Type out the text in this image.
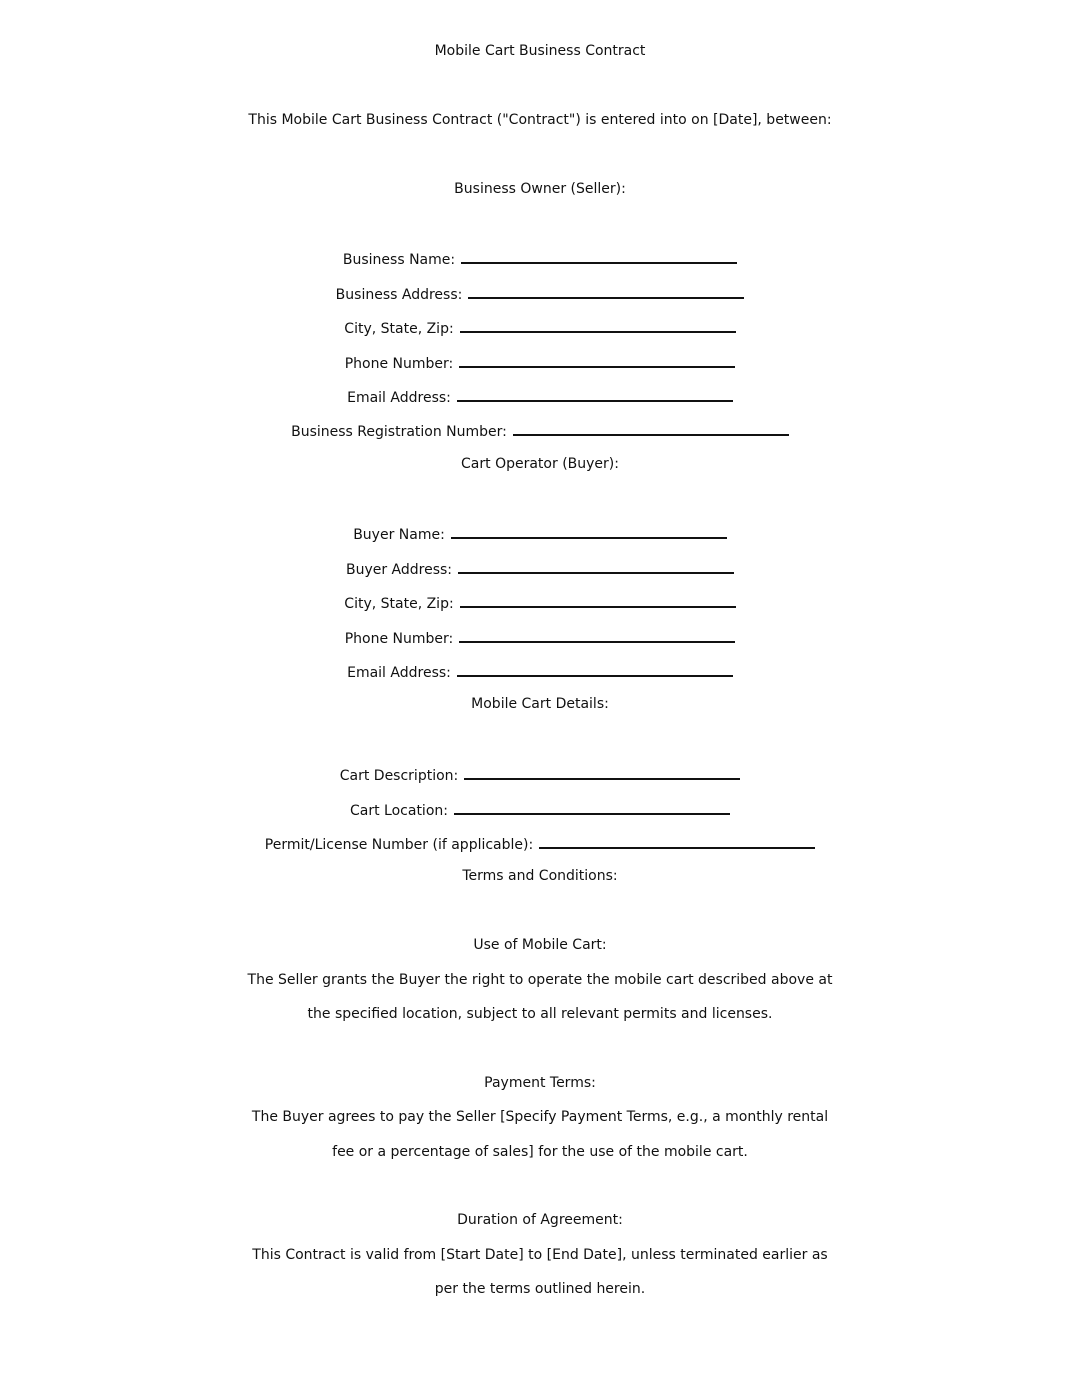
Mobile Cart Business Contract
This Mobile Cart Business Contract ("Contract") is entered into on [Date], between:
Business Owner (Seller):
Business Name:
Business Address:
City, State, Zip:
Phone Number:
Email Address:
Business Registration Number:
Cart Operator (Buyer):
Buyer Name:
Buyer Address:
City, State, Zip:
Phone Number:
Email Address:
Mobile Cart Details:
Cart Description:
Cart Location:
Permit/License Number (if applicable):
Terms and Conditions:
Use of Mobile Cart:
The Seller grants the Buyer the right to operate the mobile cart described above at
the specified location, subject to all relevant permits and licenses.
Payment Terms:
The Buyer agrees to pay the Seller [Specify Payment Terms, e.g., a monthly rental
fee or a percentage of sales] for the use of the mobile cart.
Duration of Agreement:
This Contract is valid from [Start Date] to [End Date], unless terminated earlier as
per the terms outlined herein.
